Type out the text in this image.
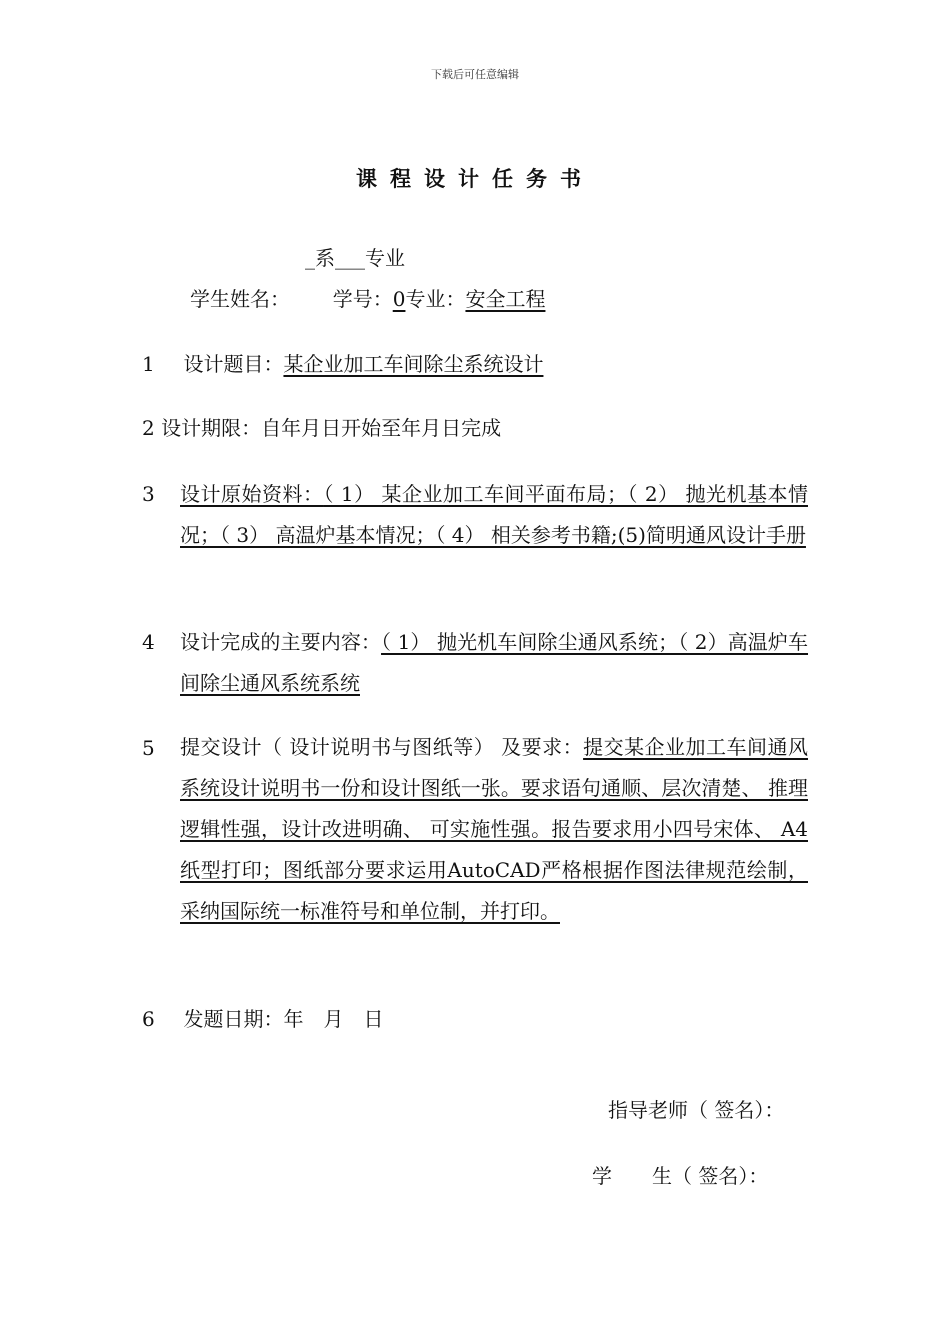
下载后可任意编辑
课程设计任务书
_系___专业
学生姓名： 学号：0专业：安全工程
1 设计题目：某企业加工车间除尘系统设计
2 设计期限：自年月日开始至年月日完成
3	设计原始资料：（ 1） 某企业加工车间平面布局；（ 2） 抛光机基本情况；（ 3） 高温炉基本情况；（ 4） 相关参考书籍;(5)简明通风设计手册
4	设计完成的主要内容：（ 1） 抛光机车间除尘通风系统；（ 2）高温炉车间除尘通风系统系统
5	提交设计（ 设计说明书与图纸等） 及要求：提交某企业加工车间通风系统设计说明书一份和设计图纸一张。要求语句通顺、层次清楚、 推理逻辑性强，设计改进明确、 可实施性强。报告要求用小四号宋体、 A4纸型打印；图纸部分要求运用AutoCAD严格根据作图法律规范绘制，采纳国际统一标准符号和单位制，并打印。
6 发题日期：年　月　日
指导老师（ 签名）：
学　　生（ 签名）：
